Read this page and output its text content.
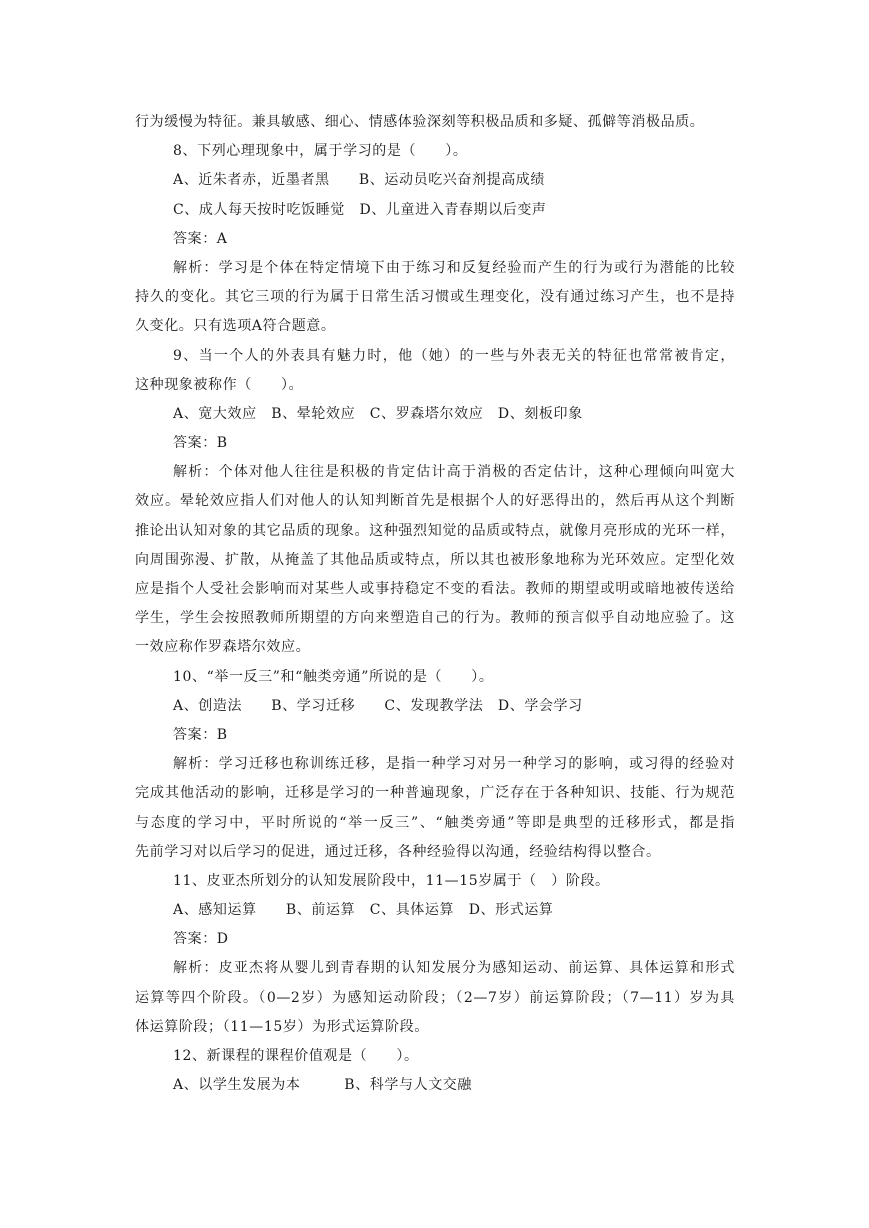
行为缓慢为特征。兼具敏感、细心、情感体验深刻等积极品质和多疑、孤僻等消极品质。
8、下列心理现象中，属于学习的是（　　）。
A、近朱者赤，近墨者黑　　B、运动员吃兴奋剂提高成绩
C、成人每天按时吃饭睡觉　D、儿童进入青春期以后变声
答案：A
解析：学习是个体在特定情境下由于练习和反复经验而产生的行为或行为潜能的比较
持久的变化。其它三项的行为属于日常生活习惯或生理变化，没有通过练习产生，也不是持
久变化。只有选项A符合题意。
9、当一个人的外表具有魅力时，他（她）的一些与外表无关的特征也常常被肯定，
这种现象被称作（　　）。
A、宽大效应　B、晕轮效应　C、罗森塔尔效应　D、刻板印象
答案：B
解析：个体对他人往往是积极的肯定估计高于消极的否定估计，这种心理倾向叫宽大
效应。晕轮效应指人们对他人的认知判断首先是根据个人的好恶得出的，然后再从这个判断
推论出认知对象的其它品质的现象。这种强烈知觉的品质或特点，就像月亮形成的光环一样，
向周围弥漫、扩散，从掩盖了其他品质或特点，所以其也被形象地称为光环效应。定型化效
应是指个人受社会影响而对某些人或事持稳定不变的看法。教师的期望或明或暗地被传送给
学生，学生会按照教师所期望的方向来塑造自己的行为。教师的预言似乎自动地应验了。这
一效应称作罗森塔尔效应。
10、“举一反三”和“触类旁通”所说的是（　　）。
A、创造法　　B、学习迁移　　C、发现教学法　D、学会学习
答案：B
解析：学习迁移也称训练迁移，是指一种学习对另一种学习的影响，或习得的经验对
完成其他活动的影响，迁移是学习的一种普遍现象，广泛存在于各种知识、技能、行为规范
与态度的学习中，平时所说的“举一反三”、“触类旁通”等即是典型的迁移形式，都是指
先前学习对以后学习的促进，通过迁移，各种经验得以沟通，经验结构得以整合。
11、皮亚杰所划分的认知发展阶段中，11—15岁属于（　）阶段。
A、感知运算　　B、前运算　C、具体运算　D、形式运算
答案：D
解析：皮亚杰将从婴儿到青春期的认知发展分为感知运动、前运算、具体运算和形式
运算等四个阶段。（0—2岁）为感知运动阶段；（2—7岁）前运算阶段；（7—11）岁为具
体运算阶段；（11—15岁）为形式运算阶段。
12、新课程的课程价值观是（　　）。
A、以学生发展为本　　　B、科学与人文交融
